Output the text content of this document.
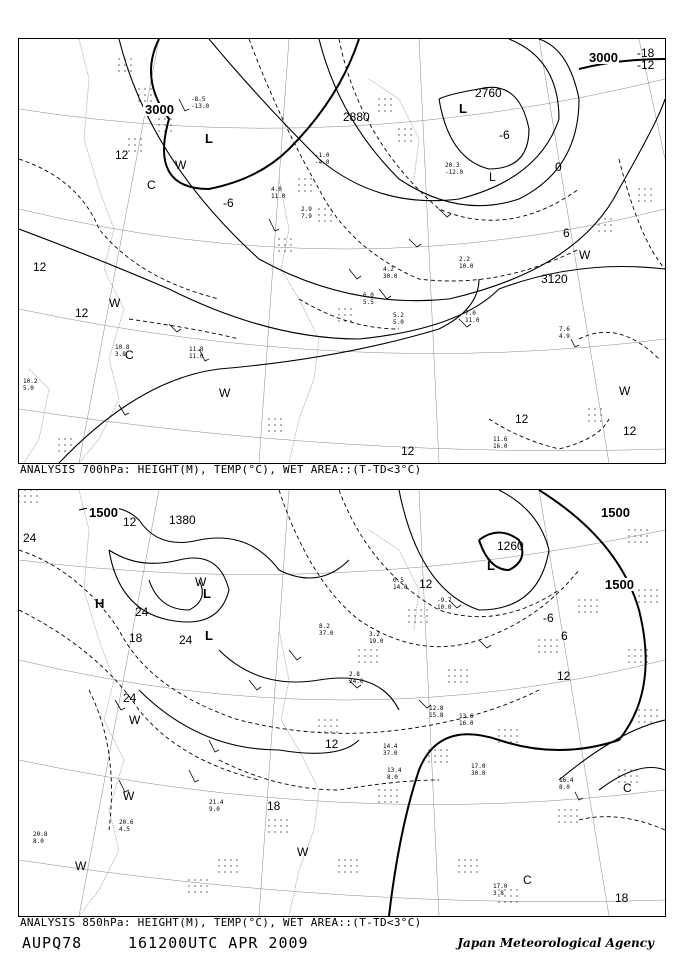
3000	2880
2760
3120
3000 -18
-12
12
12
12
12
12
12
-6
0
6
-6
L
L
L
C
C
W
W
W
W
W
-8.5
-13.0
-1.0
-4.0
2.9
7.9
6.0
5.5
7.0
11.0
7.6
4.9
11.6
16.0
10.8
3.8
10.2
5.0
11.8
11.0
2.2
10.0
4.2
30.0
5.2
5.0
20.3
-12.0
4.0
11.0
ANALYSIS 700hPa: HEIGHT(M), TEMP(°C), WET AREA::(T-TD<3°C)
1500	1380
1260
1500
1500
24
12
24
18
24
24
12
12
18
12
18
-6
6
H
L
L
L
C
C
W
W
W
W
W
17.0
30.0
16.4
8.0
13.4
8.0
14.4
37.0
13.6
16.0
21.4
9.0
20.8
8.0
20.6
4.5
17.0
3.8
12.8
15.8
2.8
24.0
8.2
37.0	3.2
19.0
0.5
14.0
-9.7
10.0
ANALYSIS 850hPa: HEIGHT(M), TEMP(°C), WET AREA::(T-TD<3°C)
AUPQ78	161200UTC APR 2009	Japan Meteorological Agency
